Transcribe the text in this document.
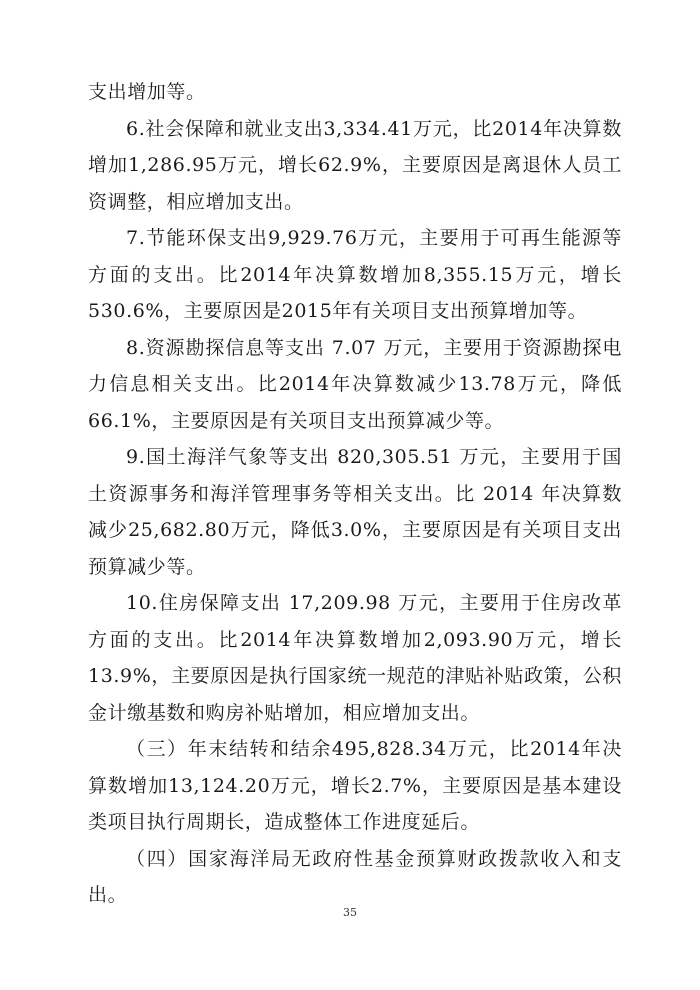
支出增加等。

6.社会保障和就业支出3,334.41万元，比2014年决算数增加1,286.95万元，增长62.9%，主要原因是离退休人员工资调整，相应增加支出。

7.节能环保支出9,929.76万元，主要用于可再生能源等方面的支出。比2014年决算数增加8,355.15万元，增长530.6%，主要原因是2015年有关项目支出预算增加等。

8.资源勘探信息等支出 7.07 万元，主要用于资源勘探电力信息相关支出。比2014年决算数减少13.78万元，降低66.1%，主要原因是有关项目支出预算减少等。

9.国土海洋气象等支出 820,305.51 万元，主要用于国土资源事务和海洋管理事务等相关支出。比 2014 年决算数减少25,682.80万元，降低3.0%，主要原因是有关项目支出预算减少等。

10.住房保障支出 17,209.98 万元，主要用于住房改革方面的支出。比2014年决算数增加2,093.90万元，增长13.9%，主要原因是执行国家统一规范的津贴补贴政策，公积金计缴基数和购房补贴增加，相应增加支出。

（三）年末结转和结余495,828.34万元，比2014年决算数增加13,124.20万元，增长2.7%，主要原因是基本建设类项目执行周期长，造成整体工作进度延后。

（四）国家海洋局无政府性基金预算财政拨款收入和支出。

35
